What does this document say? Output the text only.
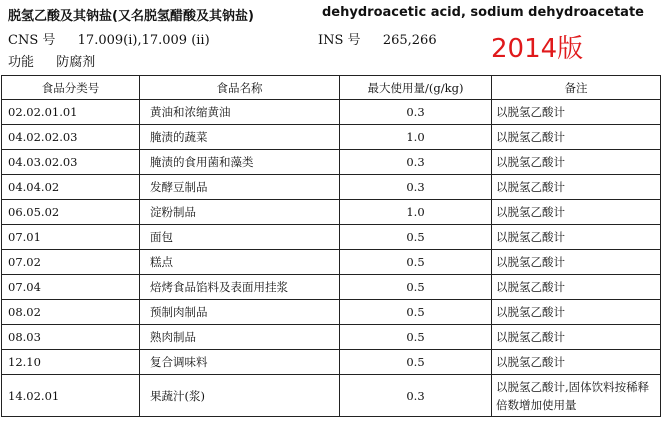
脱氢乙酸及其钠盐(又名脱氢醋酸及其钠盐)	dehydroacetic acid, sodium dehydroacetate
CNS 号 17.009(i),17.009 (ii)	INS 号 265,266 2014版
功能 防腐剂
食品分类号	食品名称	最大使用量/(g/kg)	备注
02.02.01.01	黄油和浓缩黄油	0.3	以脱氢乙酸计
04.02.02.03	腌渍的蔬菜	1.0	以脱氢乙酸计
04.03.02.03	腌渍的食用菌和藻类	0.3	以脱氢乙酸计
04.04.02	发酵豆制品	0.3	以脱氢乙酸计
06.05.02	淀粉制品	1.0	以脱氢乙酸计
07.01	面包	0.5	以脱氢乙酸计
07.02	糕点	0.5	以脱氢乙酸计
07.04	焙烤食品馅料及表面用挂浆	0.5	以脱氢乙酸计
08.02	预制肉制品	0.5	以脱氢乙酸计
08.03	熟肉制品	0.5	以脱氢乙酸计
12.10	复合调味料	0.5	以脱氢乙酸计
14.02.01	果蔬汁(浆)	0.3	以脱氢乙酸计,固体饮料按稀释倍数增加使用量
